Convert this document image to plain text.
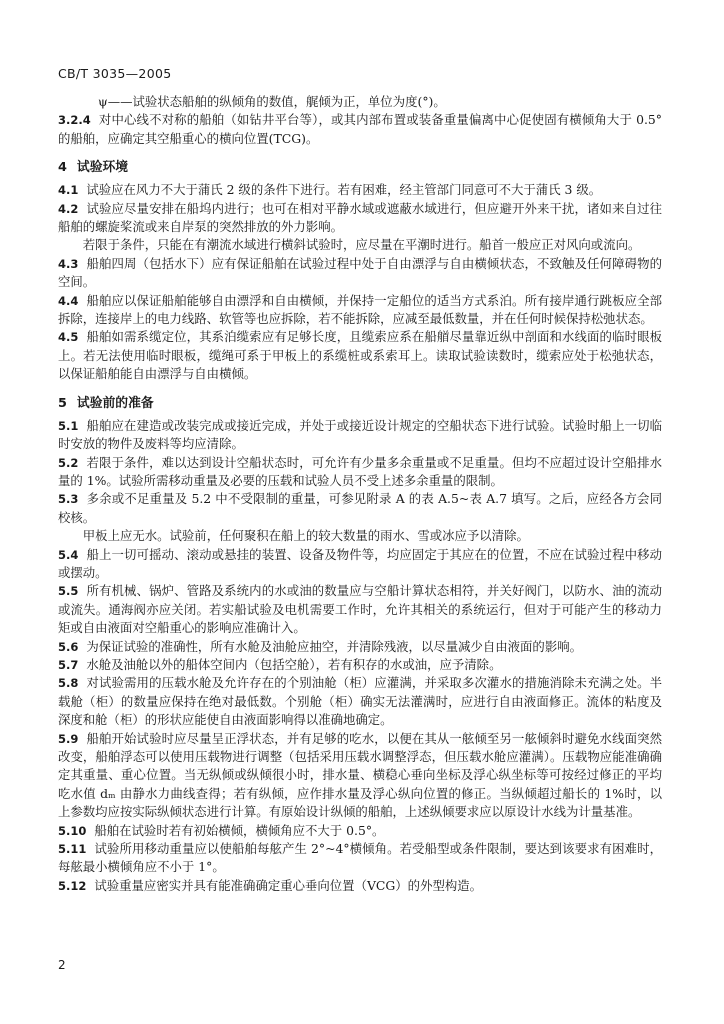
CB/T 3035—2005

ψ——试验状态船舶的纵倾角的数值，艉倾为正，单位为度(°)。

3.2.4 对中心线不对称的船舶（如钻井平台等），或其内部布置或装备重量偏离中心促使固有横倾角大于 0.5°的船舶，应确定其空船重心的横向位置(TCG)。

4 试验环境

4.1 试验应在风力不大于蒲氏 2 级的条件下进行。若有困难，经主管部门同意可不大于蒲氏 3 级。

4.2 试验应尽量安排在船坞内进行；也可在相对平静水域或遮蔽水域进行，但应避开外来干扰，诸如来自过往船舶的螺旋桨流或来自岸泵的突然排放的外力影响。

若限于条件，只能在有潮流水域进行横斜试验时，应尽量在平潮时进行。船首一般应正对风向或流向。

4.3 船舶四周（包括水下）应有保证船舶在试验过程中处于自由漂浮与自由横倾状态，不致触及任何障碍物的空间。

4.4 船舶应以保证船舶能够自由漂浮和自由横倾，并保持一定船位的适当方式系泊。所有接岸通行跳板应全部拆除，连接岸上的电力线路、软管等也应拆除，若不能拆除，应减至最低数量，并在任何时候保持松弛状态。

4.5 船舶如需系缆定位，其系泊缆索应有足够长度，且缆索应系在船艏尽量靠近纵中剖面和水线面的临时眼板上。若无法使用临时眼板，缆绳可系于甲板上的系缆桩或系索耳上。读取试验读数时，缆索应处于松弛状态，以保证船舶能自由漂浮与自由横倾。

5 试验前的准备

5.1 船舶应在建造或改装完成或接近完成，并处于或接近设计规定的空船状态下进行试验。试验时船上一切临时安放的物件及废料等均应清除。

5.2 若限于条件，难以达到设计空船状态时，可允许有少量多余重量或不足重量。但均不应超过设计空船排水量的 1%。试验所需移动重量及必要的压载和试验人员不受上述多余重量的限制。

5.3 多余或不足重量及 5.2 中不受限制的重量，可参见附录 A 的表 A.5~表 A.7 填写。之后，应经各方会同校核。

甲板上应无水。试验前，任何聚积在船上的较大数量的雨水、雪或冰应予以清除。

5.4 船上一切可摇动、滚动或悬挂的装置、设备及物件等，均应固定于其应在的位置，不应在试验过程中移动或摆动。

5.5 所有机械、锅炉、管路及系统内的水或油的数量应与空船计算状态相符，并关好阀门，以防水、油的流动或流失。通海阀亦应关闭。若实船试验及电机需要工作时，允许其相关的系统运行，但对于可能产生的移动力矩或自由液面对空船重心的影响应准确计入。

5.6 为保证试验的准确性，所有水舱及油舱应抽空，并清除残液，以尽量减少自由液面的影响。

5.7 水舱及油舱以外的船体空间内（包括空舱），若有积存的水或油，应予清除。

5.8 对试验需用的压载水舱及允许存在的个别油舱（柜）应灌满，并采取多次灌水的措施消除未充满之处。半载舱（柜）的数量应保持在绝对最低数。个别舱（柜）确实无法灌满时，应进行自由液面修正。流体的粘度及深度和舱（柜）的形状应能使自由液面影响得以准确地确定。

5.9 船舶开始试验时应尽量呈正浮状态，并有足够的吃水，以便在其从一舷倾至另一舷倾斜时避免水线面突然改变，船舶浮态可以使用压载物进行调整（包括采用压载水调整浮态，但压载水舱应灌满）。压载物应能准确确定其重量、重心位置。当无纵倾或纵倾很小时，排水量、横稳心垂向坐标及浮心纵坐标等可按经过修正的平均吃水值 dₘ 由静水力曲线查得；若有纵倾，应作排水量及浮心纵向位置的修正。当纵倾超过船长的 1%时，以上参数均应按实际纵倾状态进行计算。有原始设计纵倾的船舶，上述纵倾要求应以原设计水线为计量基准。

5.10 船舶在试验时若有初始横倾，横倾角应不大于 0.5°。

5.11 试验所用移动重量应以使船舶每舷产生 2°~4°横倾角。若受船型或条件限制，要达到该要求有困难时，每舷最小横倾角应不小于 1°。

5.12 试验重量应密实并具有能准确确定重心垂向位置（VCG）的外型构造。

2
